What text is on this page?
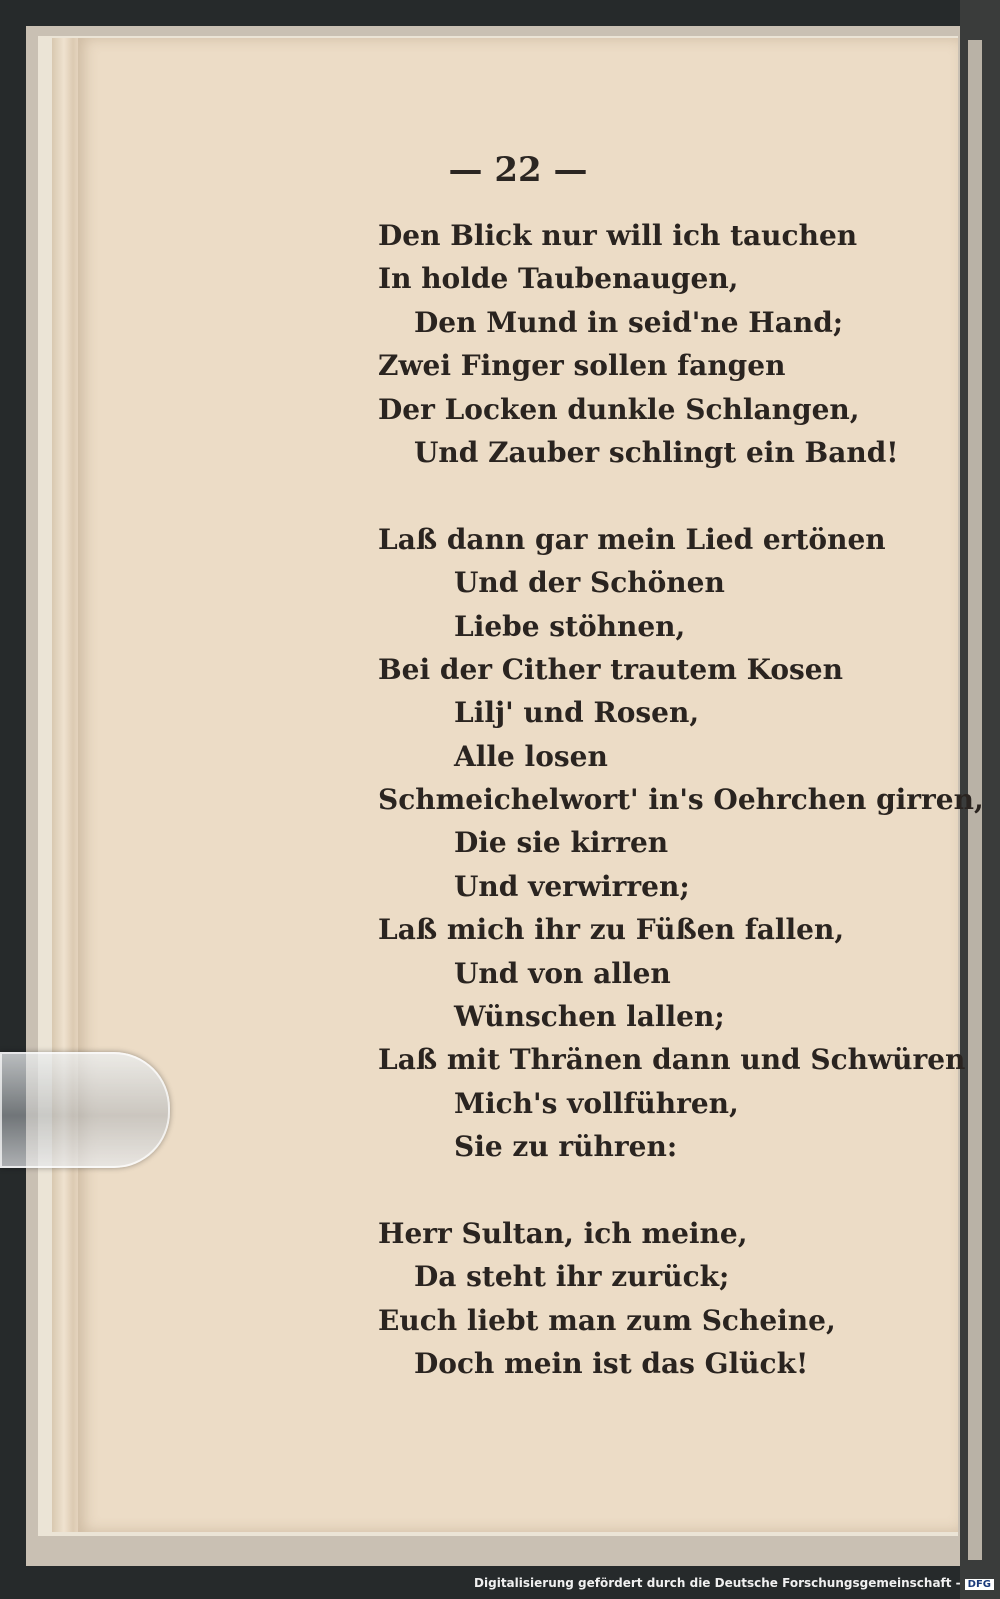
— 22 —
Den Blick nur will ich tauchen
In holde Taubenaugen,
Den Mund in seid'ne Hand;
Zwei Finger sollen fangen
Der Locken dunkle Schlangen,
Und Zauber schlingt ein Band!
Laß dann gar mein Lied ertönen
Und der Schönen
Liebe stöhnen,
Bei der Cither trautem Kosen
Lilj' und Rosen,
Alle losen
Schmeichelwort' in's Oehrchen girren,
Die sie kirren
Und verwirren;
Laß mich ihr zu Füßen fallen,
Und von allen
Wünschen lallen;
Laß mit Thränen dann und Schwüren
Mich's vollführen,
Sie zu rühren:
Herr Sultan, ich meine,
Da steht ihr zurück;
Euch liebt man zum Scheine,
Doch mein ist das Glück!
Digitalisierung gefördert durch die Deutsche Forschungsgemeinschaft - DFG
